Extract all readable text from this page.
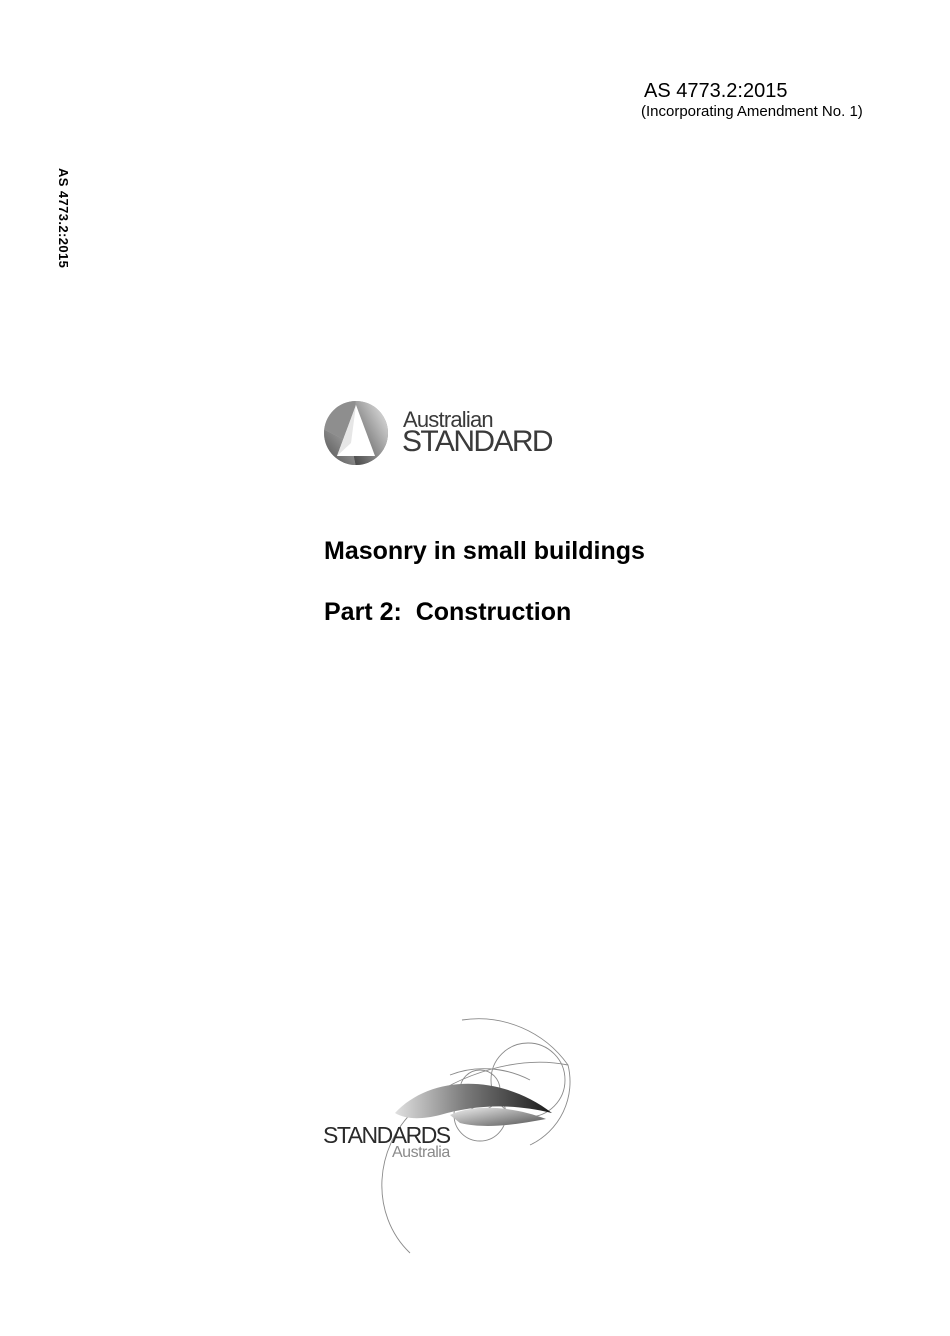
AS 4773.2:2015
(Incorporating Amendment No. 1)
AS 4773.2:2015
Australian
STANDARD
Masonry in small buildings
Part 2:  Construction
STANDARDS
Australia
